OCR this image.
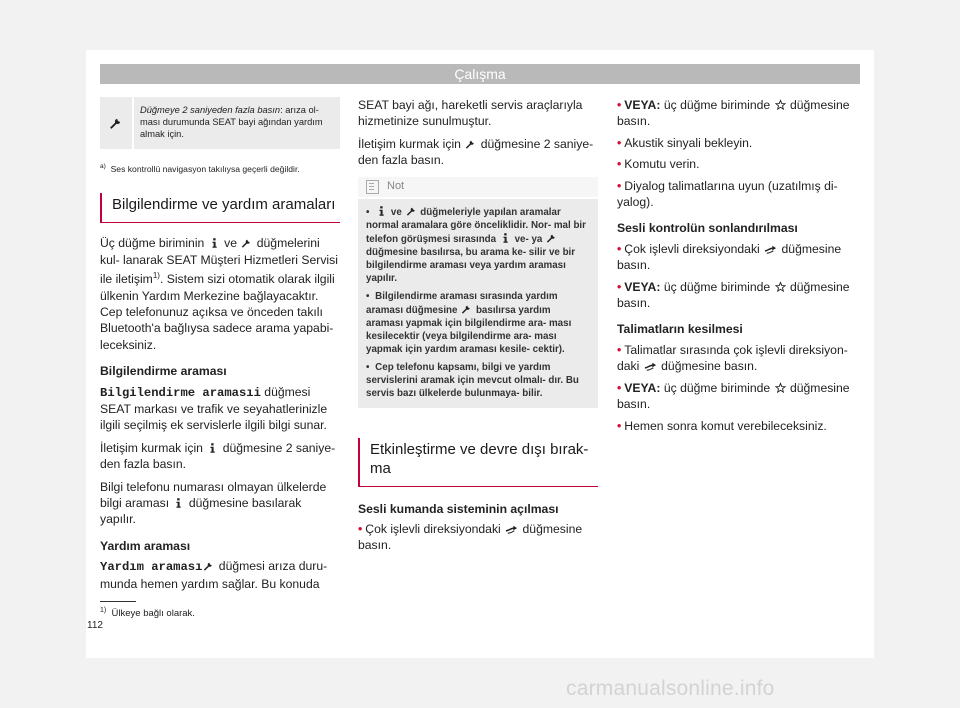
Çalışma
Düğmeye 2 saniyeden fazla basın: arıza ol- ması durumunda SEAT bayi ağından yardım almak için.
$^{a)}$ Ses kontrollü navigasyon takılıysa geçerli değildir.
Bilgilendirme ve yardım aramaları

Üç düğme biriminin ve düğmelerini kul- lanarak SEAT Müşteri Hizmetleri Servisi ile iletişim$^{1)}$. Sistem sizi otomatik olarak ilgili ülkenin Yardım Merkezine bağlayacaktır. Cep telefonunuz açıksa ve önceden takılı Bluetooth'a bağlıysa sadece arama yapabi- leceksiniz.

Bilgilendirme araması

Bilgilendirme aramasıi düğmesi SEAT markası ve trafik ve seyahatlerinizle ilgili seçilmiş ek servislerle ilgili bilgi sunar.

İletişim kurmak için düğmesine 2 saniye- den fazla basın.

Bilgi telefonu numarası olmayan ülkelerde bilgi araması düğmesine basılarak yapılır.

Yardım araması

Yardım araması düğmesi arıza duru- munda hemen yardım sağlar. Bu konuda

SEAT bayi ağı, hareketli servis araçlarıyla hizmetinize sunulmuştur.

İletişim kurmak için düğmesine 2 saniye- den fazla basın.

Not

• ve düğmeleriyle yapılan aramalar normal aramalara göre önceliklidir. Nor- mal bir telefon görüşmesi sırasında ve- ya  düğmesine basılırsa, bu arama ke- silir ve bir bilgilendirme araması veya yardım araması yapılır.

• Bilgilendirme araması sırasında yardım araması düğmesine basılırsa yardım araması yapmak için bilgilendirme ara- ması kesilecektir (veya bilgilendirme ara- ması yapmak için yardım araması kesile- cektir).

• Cep telefonu kapsamı, bilgi ve yardım servislerini aramak için mevcut olmalı- dır. Bu servis bazı ülkelerde bulunmaya- bilir.

Etkinleştirme ve devre dışı bırak- ma
Sesli kumanda sisteminin açılması

• Çok işlevli direksiyondaki düğmesine basın.

• VEYA: üç düğme biriminde düğmesine basın.

• Akustik sinyali bekleyin.

• Komutu verin.

• Diyalog talimatlarına uyun (uzatılmış di- yalog).

Sesli kontrolün sonlandırılması

• Çok işlevli direksiyondaki düğmesine basın.

• VEYA: üç düğme biriminde düğmesine basın.

Talimatların kesilmesi

• Talimatlar sırasında çok işlevli direksiyon- daki düğmesine basın.

• VEYA: üç düğme biriminde düğmesine basın.

• Hemen sonra komut verebileceksiniz.

$^{1)}$ Ülkeye bağlı olarak.
112
carmanualsonline.info
